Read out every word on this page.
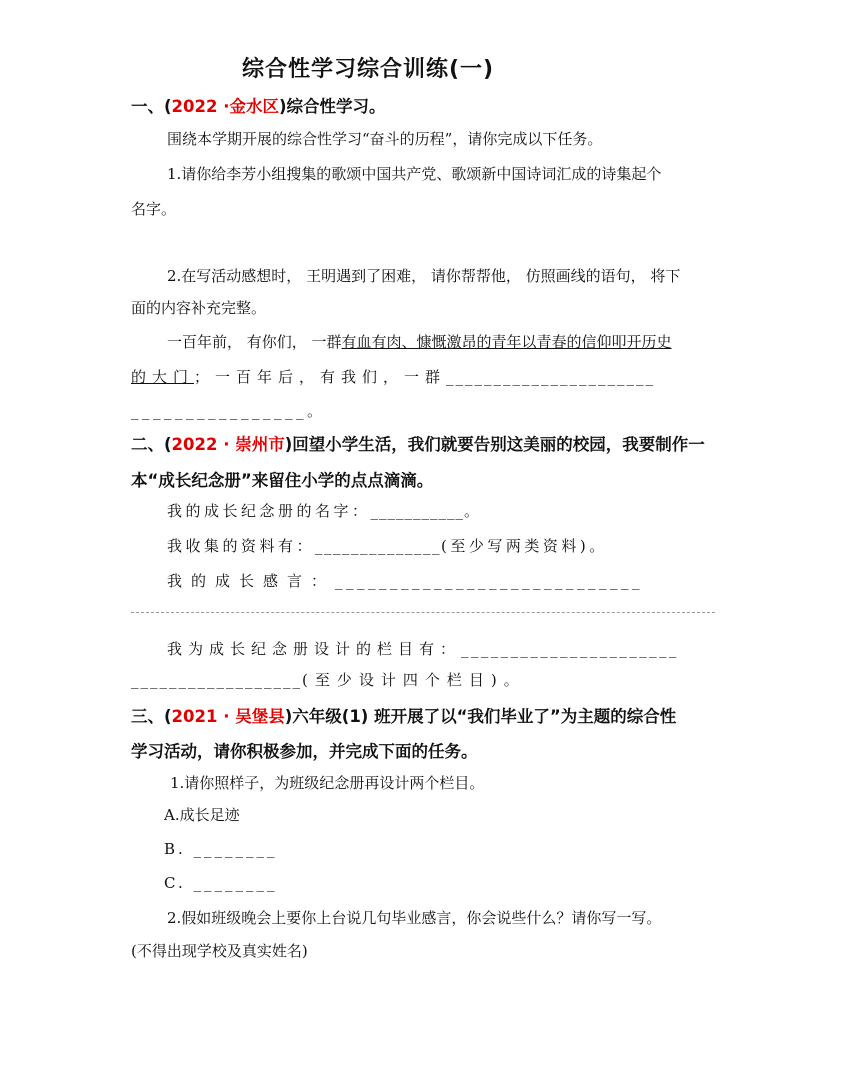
综合性学习综合训练(一)
一、(2022 ·金水区)综合性学习。
围绕本学期开展的综合性学习“奋斗的历程”，请你完成以下任务。
1.请你给李芳小组搜集的歌颂中国共产党、歌颂新中国诗词汇成的诗集起个
名字。
2.在写活动感想时， 王明遇到了困难， 请你帮帮他， 仿照画线的语句， 将下
面的内容补充完整。
一百年前， 有你们， 一群有血有肉、慷慨激昂的青年以青春的信仰叩开历史
的大门；一百年后，有我们，一群______________________
________________。
二、(2022 · 崇州市)回望小学生活，我们就要告别这美丽的校园，我要制作一
本“成长纪念册”来留住小学的点点滴滴。
我的成长纪念册的名字：___________。
我收集的资料有：______________(至少写两类资料)。
我的成长感言：____________________________
我为成长纪念册设计的栏目有：______________________
__________________(至少设计四个栏目)。
三、(2021 · 吴堡县)六年级(1) 班开展了以“我们毕业了”为主题的综合性
学习活动，请你积极参加，并完成下面的任务。
1.请你照样子，为班级纪念册再设计两个栏目。
A.成长足迹
B. ________
C. ________
2.假如班级晚会上要你上台说几句毕业感言，你会说些什么？请你写一写。
(不得出现学校及真实姓名)
